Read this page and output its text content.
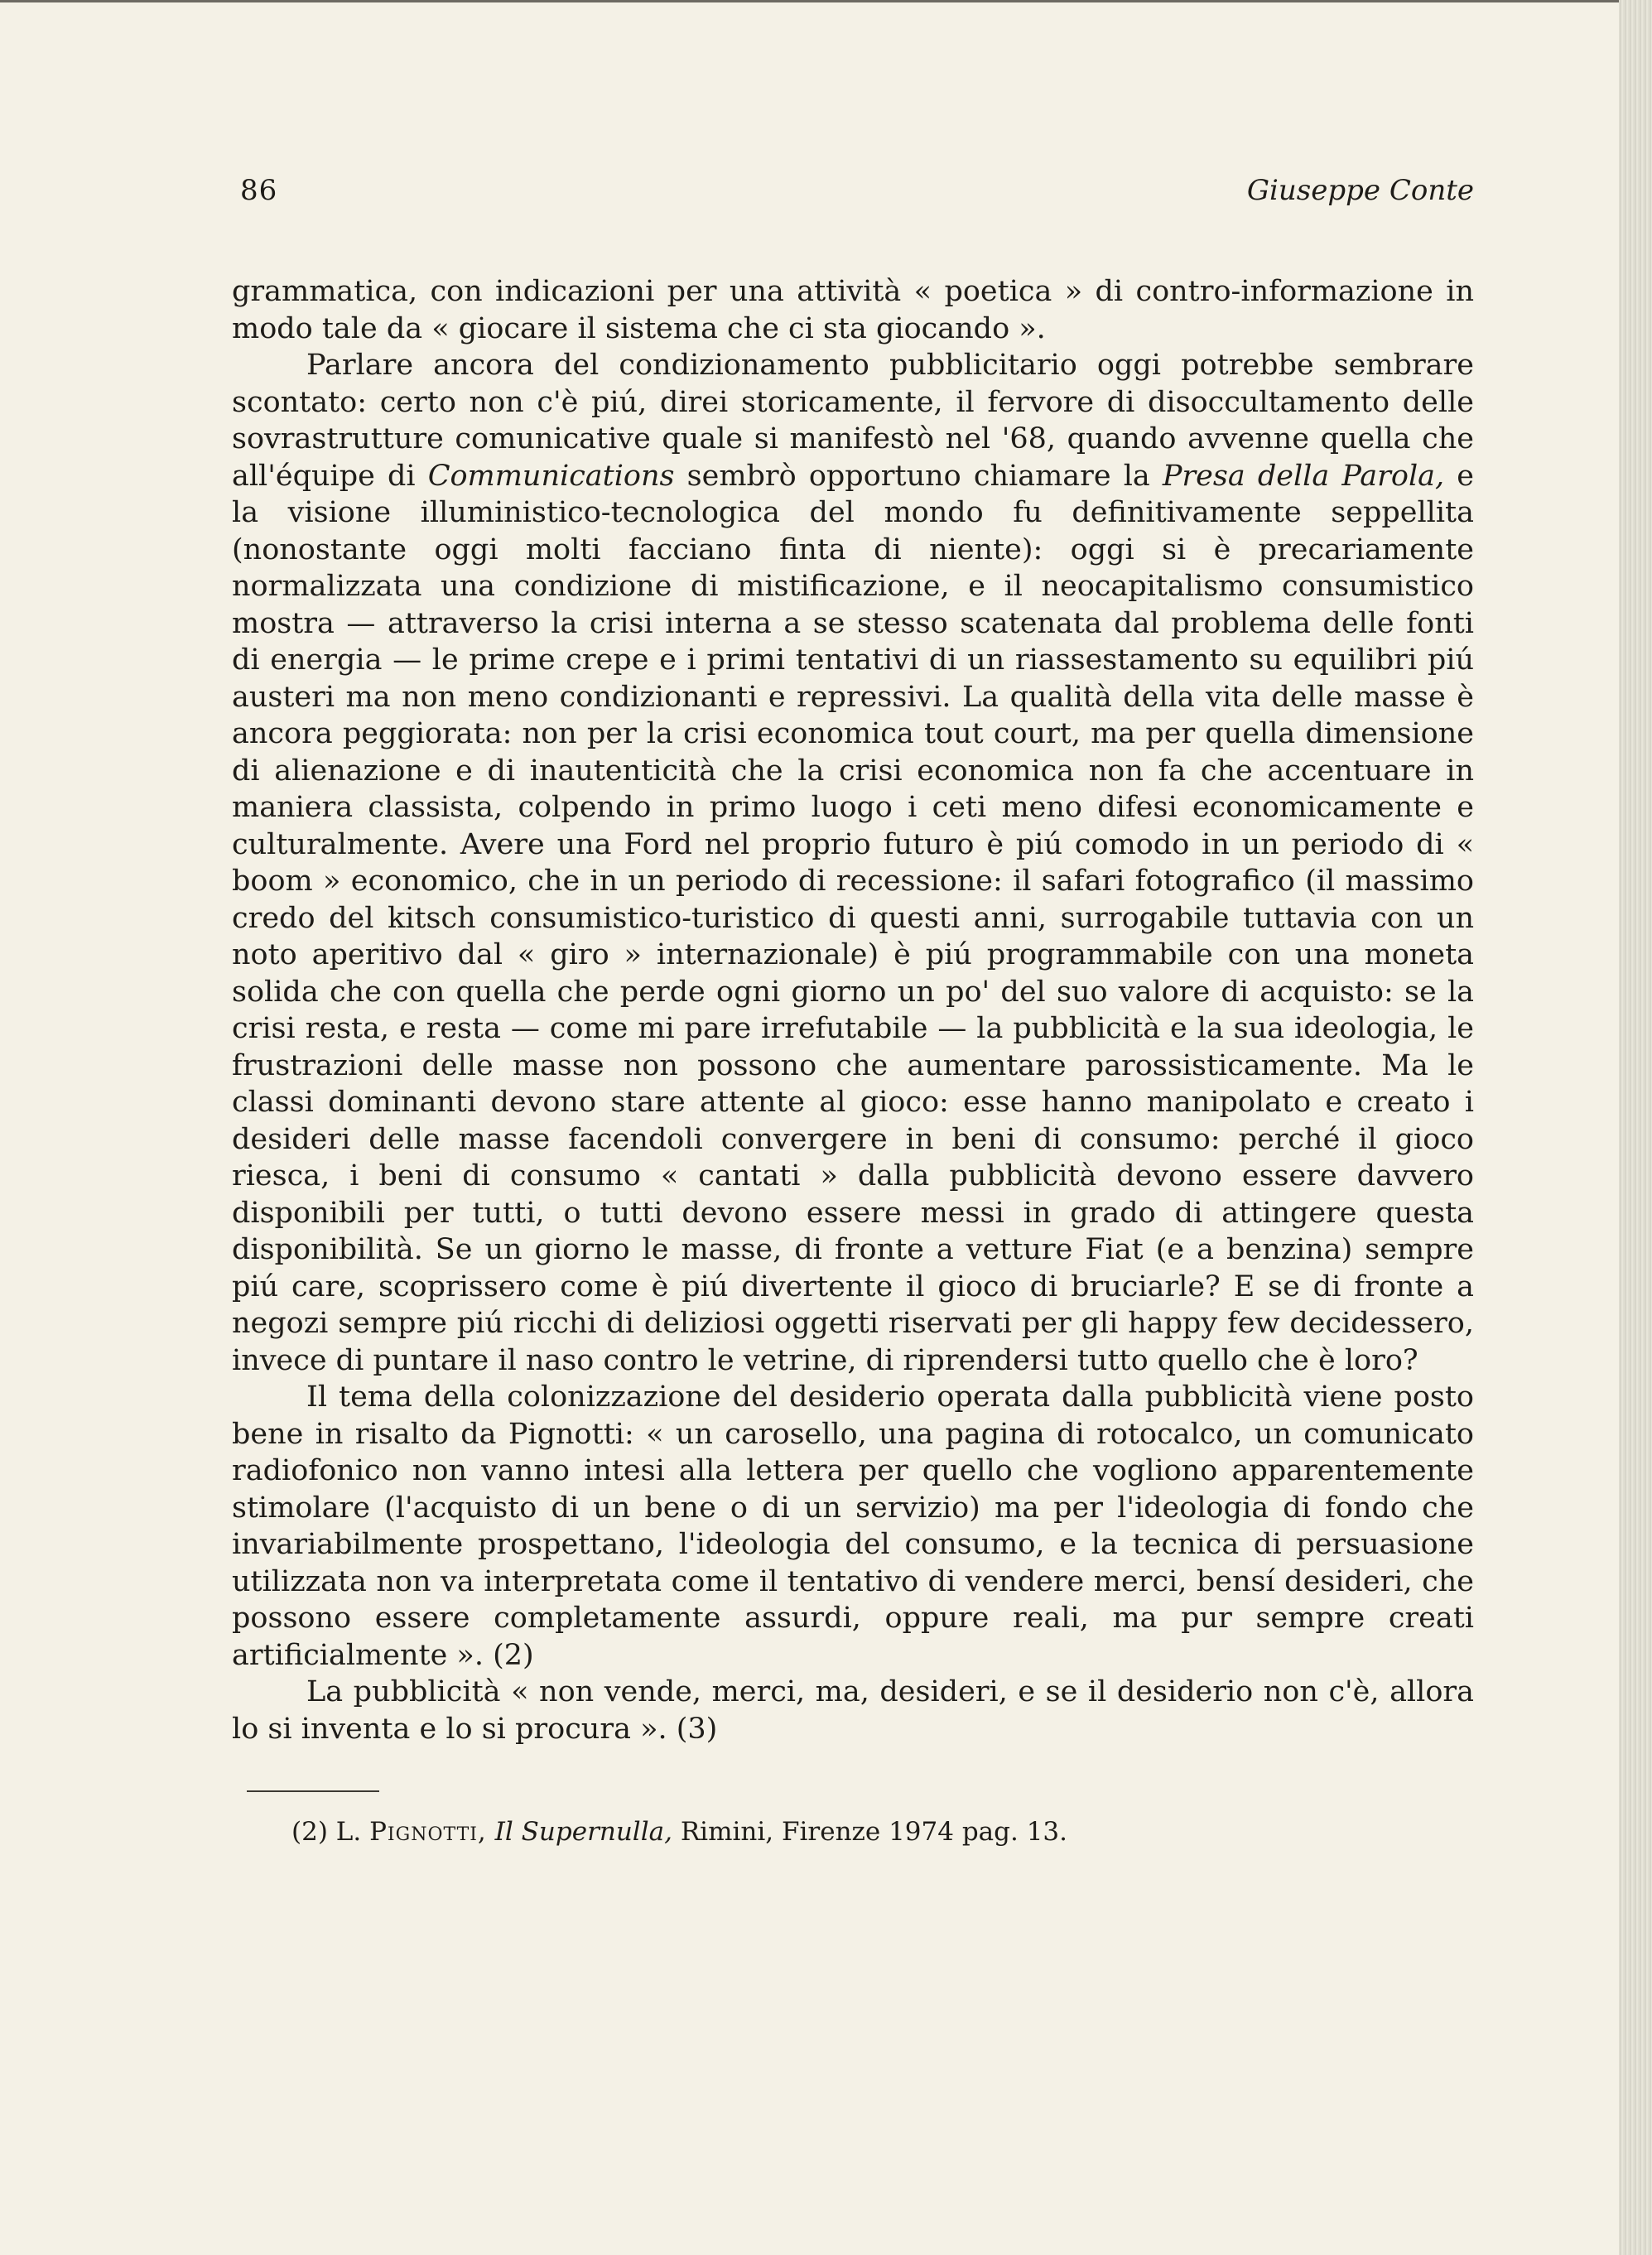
86	Giuseppe Conte

grammatica, con indicazioni per una attività « poetica » di contro-informazione in modo tale da « giocare il sistema che ci sta giocando ».

Parlare ancora del condizionamento pubblicitario oggi potrebbe sembrare scontato: certo non c'è piú, direi storicamente, il fervore di disoccultamento delle sovrastrutture comunicative quale si manifestò nel '68, quando avvenne quella che all'équipe di Communications sembrò opportuno chiamare la Presa della Parola, e la visione illuministico-tecnologica del mondo fu definitivamente seppellita (nonostante oggi molti facciano finta di niente): oggi si è precariamente normalizzata una condizione di mistificazione, e il neocapitalismo consumistico mostra — attraverso la crisi interna a se stesso scatenata dal problema delle fonti di energia — le prime crepe e i primi tentativi di un riassestamento su equilibri piú austeri ma non meno condizionanti e repressivi. La qualità della vita delle masse è ancora peggiorata: non per la crisi economica tout court, ma per quella dimensione di alienazione e di inautenticità che la crisi economica non fa che accentuare in maniera classista, colpendo in primo luogo i ceti meno difesi economicamente e culturalmente. Avere una Ford nel proprio futuro è piú comodo in un periodo di « boom » economico, che in un periodo di recessione: il safari fotografico (il massimo credo del kitsch consumistico-turistico di questi anni, surrogabile tuttavia con un noto aperitivo dal « giro » internazionale) è piú programmabile con una moneta solida che con quella che perde ogni giorno un po' del suo valore di acquisto: se la crisi resta, e resta — come mi pare irrefutabile — la pubblicità e la sua ideologia, le frustrazioni delle masse non possono che aumentare parossisticamente. Ma le classi dominanti devono stare attente al gioco: esse hanno manipolato e creato i desideri delle masse facendoli convergere in beni di consumo: perché il gioco riesca, i beni di consumo « cantati » dalla pubblicità devono essere davvero disponibili per tutti, o tutti devono essere messi in grado di attingere questa disponibilità. Se un giorno le masse, di fronte a vetture Fiat (e a benzina) sempre piú care, scoprissero come è piú divertente il gioco di bruciarle? E se di fronte a negozi sempre piú ricchi di deliziosi oggetti riservati per gli happy few decidessero, invece di puntare il naso contro le vetrine, di riprendersi tutto quello che è loro?

Il tema della colonizzazione del desiderio operata dalla pubblicità viene posto bene in risalto da Pignotti: « un carosello, una pagina di rotocalco, un comunicato radiofonico non vanno intesi alla lettera per quello che vogliono apparentemente stimolare (l'acquisto di un bene o di un servizio) ma per l'ideologia di fondo che invariabilmente prospettano, l'ideologia del consumo, e la tecnica di persuasione utilizzata non va interpretata come il tentativo di vendere merci, bensí desideri, che possono essere completamente assurdi, oppure reali, ma pur sempre creati artificialmente ». (2)

La pubblicità « non vende, merci, ma, desideri, e se il desiderio non c'è, allora lo si inventa e lo si procura ». (3)

(2) L. Pignotti, Il Supernulla, Rimini, Firenze 1974 pag. 13.
